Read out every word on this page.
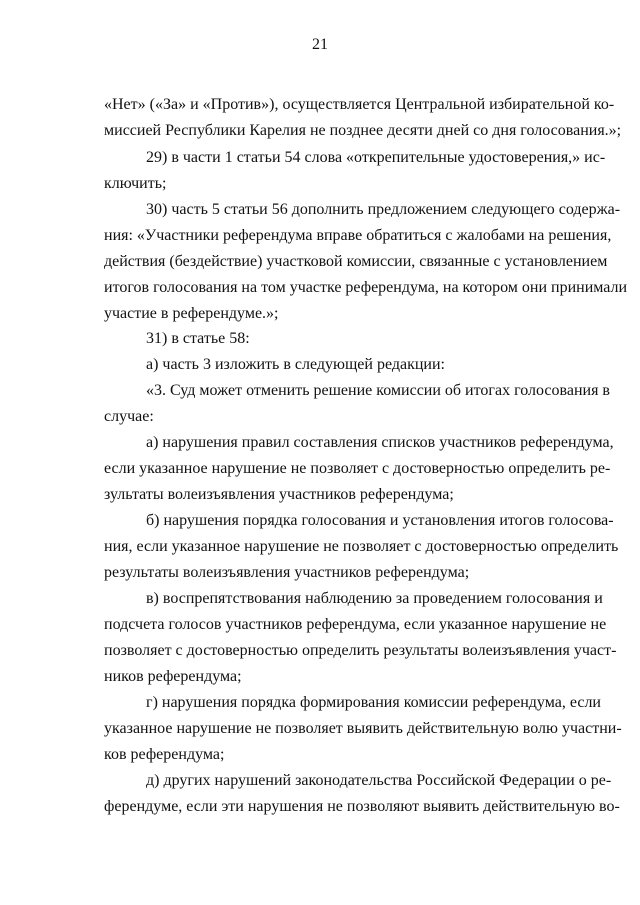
21
«Нет» («За» и «Против»), осуществляется Центральной избирательной ко-
миссией Республики Карелия не позднее десяти дней со дня голосования.»;
29) в части 1 статьи 54 слова «открепительные удостоверения,» ис-
ключить;
30) часть 5 статьи 56 дополнить предложением следующего содержа-
ния: «Участники референдума вправе обратиться с жалобами на решения,
действия (бездействие) участковой комиссии, связанные с установлением
итогов голосования на том участке референдума, на котором они принимали
участие в референдуме.»;
31) в статье 58:
а) часть 3 изложить в следующей редакции:
«3. Суд может отменить решение комиссии об итогах голосования в
случае:
а) нарушения правил составления списков участников референдума,
если указанное нарушение не позволяет с достоверностью определить ре-
зультаты волеизъявления участников референдума;
б) нарушения порядка голосования и установления итогов голосова-
ния, если указанное нарушение не позволяет с достоверностью определить
результаты волеизъявления участников референдума;
в) воспрепятствования наблюдению за проведением голосования и
подсчета голосов участников референдума, если указанное нарушение не
позволяет с достоверностью определить результаты волеизъявления участ-
ников референдума;
г) нарушения порядка формирования комиссии референдума, если
указанное нарушение не позволяет выявить действительную волю участни-
ков референдума;
д) других нарушений законодательства Российской Федерации о ре-
ферендуме, если эти нарушения не позволяют выявить действительную во-
